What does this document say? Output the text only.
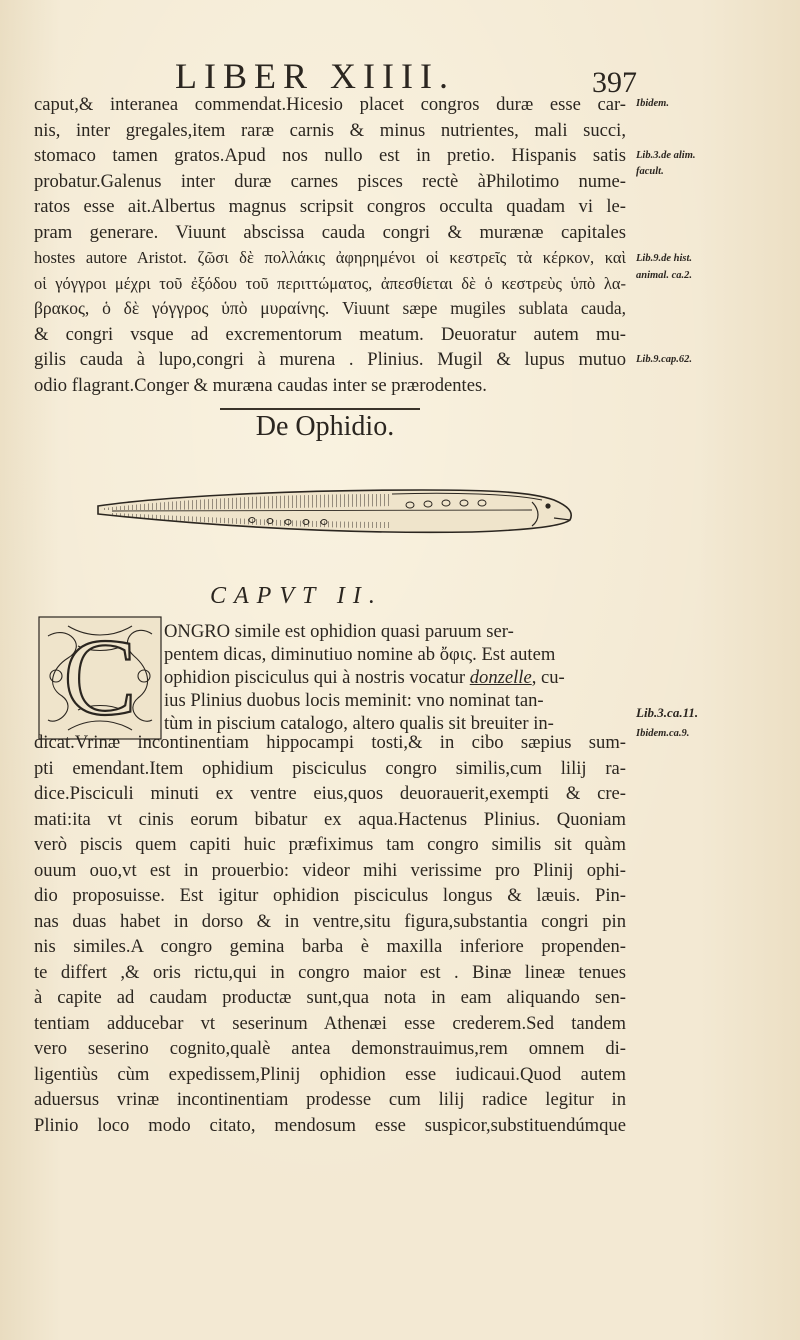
LIBER XIIII.	397
caput,& interanea commendat.Hicesio placet congros duræ esse car-
nis, inter gregales,item raræ carnis & minus nutrientes, mali succi,
stomaco tamen gratos.Apud nos nullo est in pretio. Hispanis satis
probatur.Galenus inter duræ carnes pisces rectè àPhilotimo nume-
ratos esse ait.Albertus magnus scripsit congros occulta quadam vi le-
pram generare. Viuunt abscissa cauda congri & murænæ capitales
hostes autore Aristot. ζῶσι δὲ πολλάκις ἀφηρημένοι οἱ κεστρεῖς τὰ κέρκον, καὶ
οἱ γόγγροι μέχρι τοῦ ἐξόδου τοῦ περιττώματος, ἀπεσθίεται δὲ ὁ κεστρεὺς ὑπὸ λα-
βρακος, ὁ δὲ γόγγρος ὑπὸ μυραίνης. Viuunt sæpe mugiles sublata cauda,
& congri vsque ad excrementorum meatum. Deuoratur autem mu-
gilis cauda à lupo,congri à murena . Plinius. Mugil & lupus mutuo
odio flagrant.Conger & muræna caudas inter se prærodentes.
Ibidem.
Lib.3.de alim.
facult.
Lib.9.de hist.
animal. ca.2.
Lib.9.cap.62.
Lib.3.ca.11.
Ibidem.ca.9.
De Ophidio.
CAPVT II.
C ONGRO simile est ophidion quasi paruum ser-
pentem dicas, diminutiuo nomine ab ὄφις. Est autem
ophidion pisciculus qui à nostris vocatur donzelle, cu-
ius Plinius duobus locis meminit: vno nominat tan-
tùm in piscium catalogo, altero qualis sit breuiter in-
dicat.Vrinæ incontinentiam hippocampi tosti,& in cibo sæpius sum-
pti emendant.Item ophidium pisciculus congro similis,cum lilij ra-
dice.Pisciculi minuti ex ventre eius,quos deuorauerit,exempti & cre-
mati:ita vt cinis eorum bibatur ex aqua.Hactenus Plinius. Quoniam
verò piscis quem capiti huic præfiximus tam congro similis sit quàm
ouum ouo,vt est in prouerbio: videor mihi verissime pro Plinij ophi-
dio proposuisse. Est igitur ophidion pisciculus longus & læuis. Pin-
nas duas habet in dorso & in ventre,situ figura,substantia congri pin
nis similes.A congro gemina barba è maxilla inferiore propenden-
te differt ,& oris rictu,qui in congro maior est . Binæ lineæ tenues
à capite ad caudam productæ sunt,qua nota in eam aliquando sen-
tentiam adducebar vt seserinum Athenæi esse crederem.Sed tandem
vero seserino cognito,qualè antea demonstrauimus,rem omnem di-
ligentiùs cùm expedissem,Plinij ophidion esse iudicaui.Quod autem
aduersus vrinæ incontinentiam prodesse cum lilij radice legitur in
Plinio loco modo citato, mendosum esse suspicor,substituendúmque
